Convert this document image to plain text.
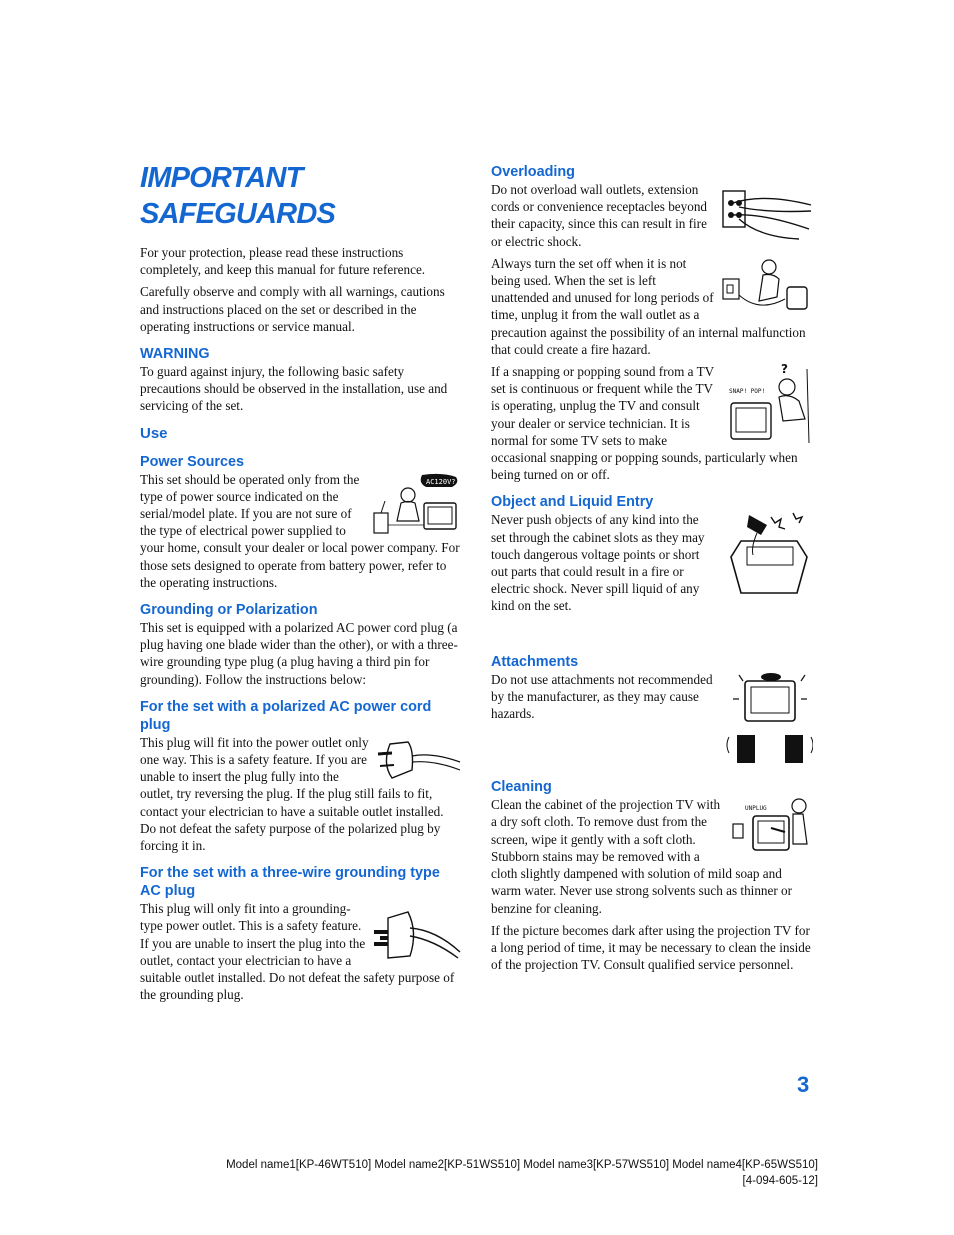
IMPORTANT SAFEGUARDS

For your protection, please read these instructions completely, and keep this manual for future reference.

Carefully observe and comply with all warnings, cautions and instructions placed on the set or described in the operating instructions or service manual.

WARNING

To guard against injury, the following basic safety precautions should be observed in the installation, use and servicing of the set.

Use
Power Sources
AC120V?

This set should be operated only from the type of power source indicated on the serial/model plate. If you are not sure of the type of electrical power supplied to your home, consult your dealer or local power company. For those sets designed to operate from battery power, refer to the operating instructions.

Grounding or Polarization

This set is equipped with a polarized AC power cord plug (a plug having one blade wider than the other), or with a three-wire grounding type plug (a plug having a third pin for grounding). Follow the instructions below:

For the set with a polarized AC power cord plug

This plug will fit into the power outlet only one way. This is a safety feature. If you are unable to insert the plug fully into the outlet, try reversing the plug. If the plug still fails to fit, contact your electrician to have a suitable outlet installed. Do not defeat the safety purpose of the polarized plug by forcing it in.

For the set with a three-wire grounding type AC plug

This plug will only fit into a grounding-type power outlet. This is a safety feature. If you are unable to insert the plug into the outlet, contact your electrician to have a suitable outlet installed. Do not defeat the safety purpose of the grounding plug.

Overloading

Do not overload wall outlets, extension cords or convenience receptacles beyond their capacity, since this can result in fire or electric shock.

Always turn the set off when it is not being used. When the set is left unattended and unused for long periods of time, unplug it from the wall outlet as a precaution against the possibility of an internal malfunction that could create a fire hazard.

?
SNAP! POP!

If a snapping or popping sound from a TV set is continuous or frequent while the TV is operating, unplug the TV and consult your dealer or service technician. It is normal for some TV sets to make occasional snapping or popping sounds, particularly when being turned on or off.

Object and Liquid Entry

Never push objects of any kind into the set through the cabinet slots as they may touch dangerous voltage points or short out parts that could result in a fire or electric shock. Never spill liquid of any kind on the set.

Attachments

Do not use attachments not recommended by the manufacturer, as they may cause hazards.

Cleaning
UNPLUG

Clean the cabinet of the projection TV with a dry soft cloth. To remove dust from the screen, wipe it gently with a soft cloth. Stubborn stains may be removed with a cloth slightly dampened with solution of mild soap and warm water. Never use strong solvents such as thinner or benzine for cleaning.

If the picture becomes dark after using the projection TV for a long period of time, it may be necessary to clean the inside of the projection TV. Consult qualified service personnel.

3
Model name1[KP-46WT510] Model name2[KP-51WS510] Model name3[KP-57WS510] Model name4[KP-65WS510]
[4-094-605-12]
